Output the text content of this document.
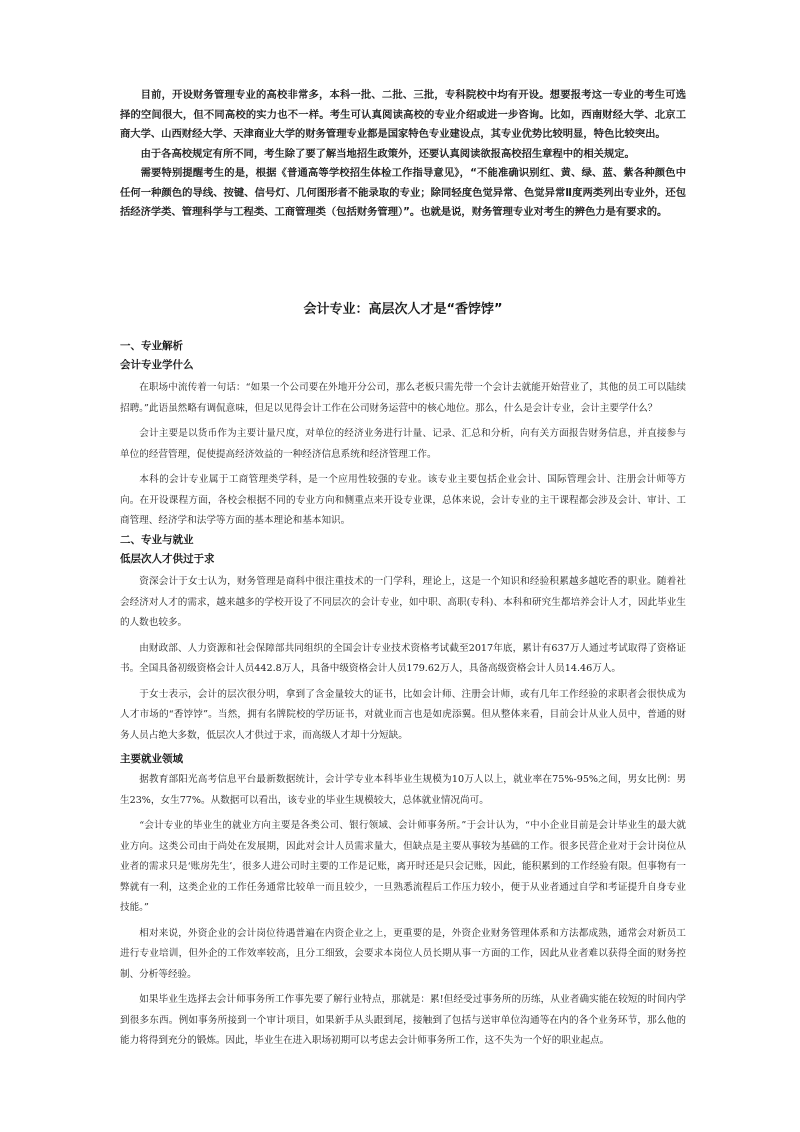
目前，开设财务管理专业的高校非常多，本科一批、二批、三批，专科院校中均有开设。想要报考这一专业的考生可选择的空间很大，但不同高校的实力也不一样。考生可认真阅读高校的专业介绍或进一步咨询。比如，西南财经大学、北京工商大学、山西财经大学、天津商业大学的财务管理专业都是国家特色专业建设点，其专业优势比较明显，特色比较突出。

由于各高校规定有所不同，考生除了要了解当地招生政策外，还要认真阅读欲报高校招生章程中的相关规定。

需要特别提醒考生的是，根据《普通高等学校招生体检工作指导意见》，“不能准确识别红、黄、绿、蓝、紫各种颜色中任何一种颜色的导线、按键、信号灯、几何图形者不能录取的专业；除同轻度色觉异常、色觉异常Ⅱ度两类列出专业外，还包括经济学类、管理科学与工程类、工商管理类（包括财务管理）”。也就是说，财务管理专业对考生的辨色力是有要求的。

会计专业：高层次人才是“香饽饽”
一、专业解析
会计专业学什么

在职场中流传着一句话：“如果一个公司要在外地开分公司，那么老板只需先带一个会计去就能开始营业了，其他的员工可以陆续招聘。”此语虽然略有调侃意味，但足以见得会计工作在公司财务运营中的核心地位。那么，什么是会计专业，会计主要学什么？

会计主要是以货币作为主要计量尺度，对单位的经济业务进行计量、记录、汇总和分析，向有关方面报告财务信息，并直接参与单位的经营管理，促使提高经济效益的一种经济信息系统和经济管理工作。

本科的会计专业属于工商管理类学科，是一个应用性较强的专业。该专业主要包括企业会计、国际管理会计、注册会计师等方向。在开设课程方面，各校会根据不同的专业方向和侧重点来开设专业课，总体来说，会计专业的主干课程都会涉及会计、审计、工商管理、经济学和法学等方面的基本理论和基本知识。

二、专业与就业
低层次人才供过于求

资深会计于女士认为，财务管理是商科中很注重技术的一门学科，理论上，这是一个知识和经验积累越多越吃香的职业。随着社会经济对人才的需求，越来越多的学校开设了不同层次的会计专业，如中职、高职(专科)、本科和研究生都培养会计人才，因此毕业生的人数也较多。

由财政部、人力资源和社会保障部共同组织的全国会计专业技术资格考试截至2017年底，累计有637万人通过考试取得了资格证书。全国具备初级资格会计人员442.8万人，具备中级资格会计人员179.62万人，具备高级资格会计人员14.46万人。

于女士表示，会计的层次很分明，拿到了含金量较大的证书，比如会计师、注册会计师，或有几年工作经验的求职者会很快成为人才市场的“香饽饽”。当然，拥有名牌院校的学历证书，对就业而言也是如虎添翼。但从整体来看，目前会计从业人员中，普通的财务人员占绝大多数，低层次人才供过于求，而高级人才却十分短缺。

主要就业领域

据教育部阳光高考信息平台最新数据统计，会计学专业本科毕业生规模为10万人以上，就业率在75%-95%之间，男女比例：男生23%，女生77%。从数据可以看出，该专业的毕业生规模较大，总体就业情况尚可。

“会计专业的毕业生的就业方向主要是各类公司、银行领域、会计师事务所。”于会计认为，“中小企业目前是会计毕业生的最大就业方向。这类公司由于尚处在发展期，因此对会计人员需求量大，但缺点是主要从事较为基础的工作。很多民营企业对于会计岗位从业者的需求只是‘账房先生’，很多人进公司时主要的工作是记账，离开时还是只会记账，因此，能积累到的工作经验有限。但事物有一弊就有一利，这类企业的工作任务通常比较单一而且较少，一旦熟悉流程后工作压力较小，便于从业者通过自学和考证提升自身专业技能。”

相对来说，外资企业的会计岗位待遇普遍在内资企业之上，更重要的是，外资企业财务管理体系和方法都成熟，通常会对新员工进行专业培训，但外企的工作效率较高，且分工细致，会要求本岗位人员长期从事一方面的工作，因此从业者难以获得全面的财务控制、分析等经验。

如果毕业生选择去会计师事务所工作事先要了解行业特点，那就是：累!但经受过事务所的历练，从业者确实能在较短的时间内学到很多东西。例如事务所接到一个审计项目，如果新手从头跟到尾，接触到了包括与送审单位沟通等在内的各个业务环节，那么他的能力将得到充分的锻炼。因此，毕业生在进入职场初期可以考虑去会计师事务所工作，这不失为一个好的职业起点。
